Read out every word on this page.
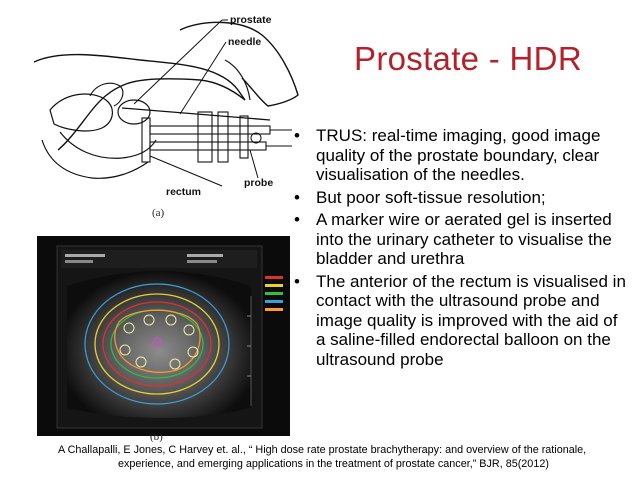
Prostate - HDR
prostate
needle
rectum
probe
(a)
(b)
• TRUS: real-time imaging, good image quality of the prostate boundary, clear visualisation of the needles.
• But poor soft-tissue resolution;
• A marker wire or aerated gel is inserted into the urinary catheter to visualise the bladder and urethra
• The anterior of the rectum is visualised in contact with the ultrasound probe and image quality is improved with the aid of a saline-filled endorectal balloon on the ultrasound probe
A Challapalli, E Jones, C Harvey et. al., “ High dose rate prostate brachytherapy: and overview of the rationale,
experience, and emerging applications in the treatment of prostate cancer,” BJR, 85(2012)
